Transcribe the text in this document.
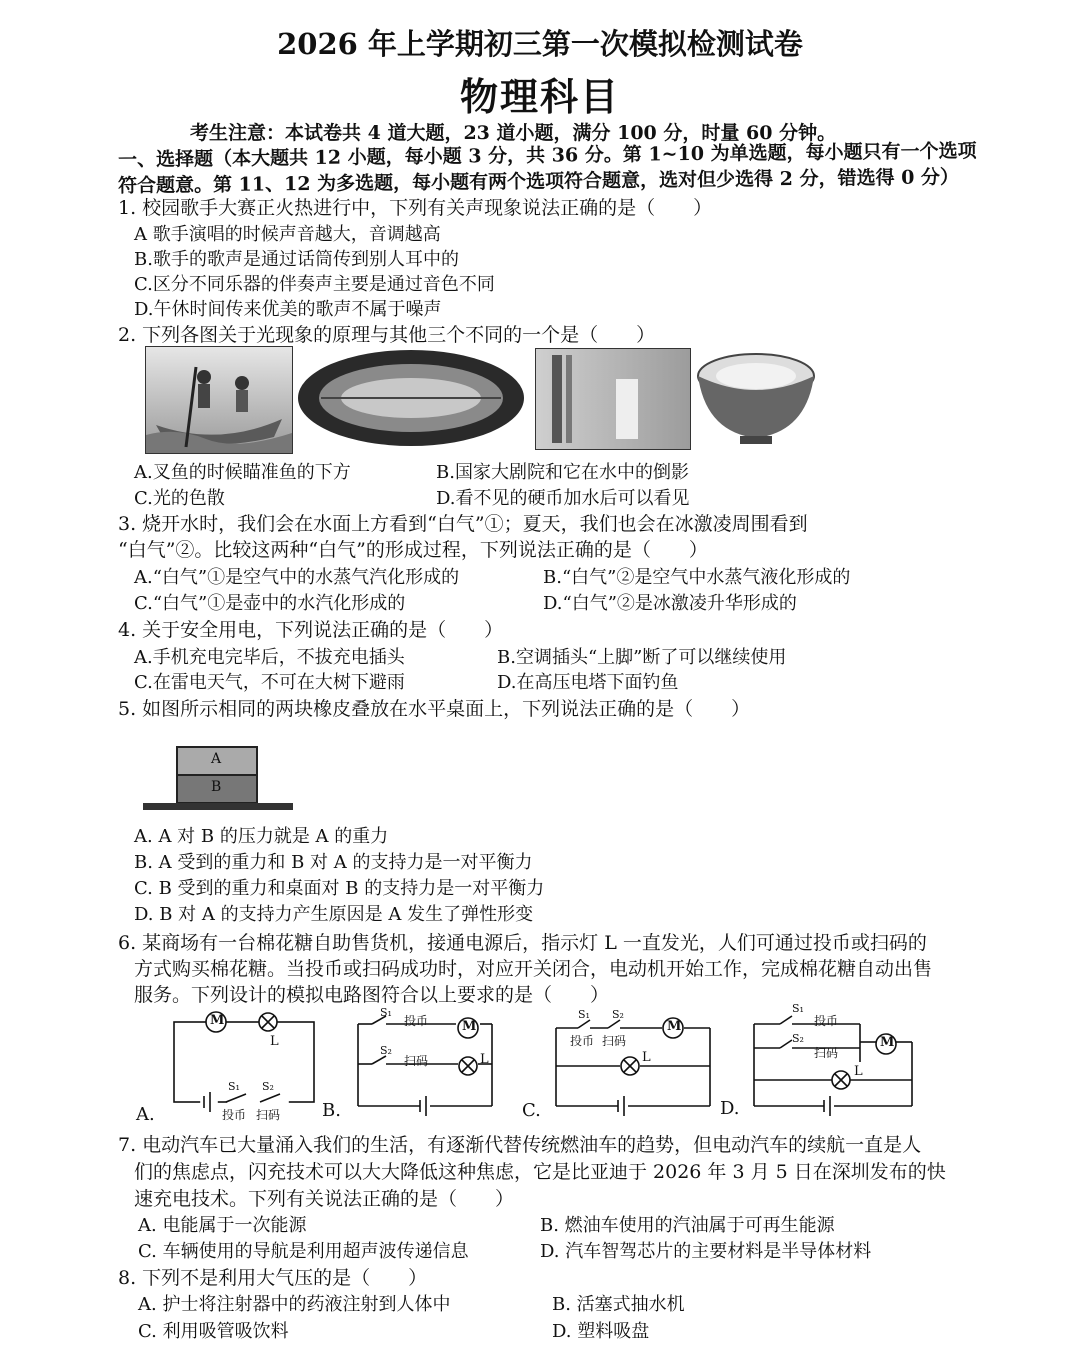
2026 年上学期初三第一次模拟检测试卷
物理科目
考生注意：本试卷共 4 道大题，23 道小题，满分 100 分，时量 60 分钟。
一、选择题（本大题共 12 小题，每小题 3 分，共 36 分。第 1~10 为单选题，每小题只有一个选项
符合题意。第 11、12 为多选题，每小题有两个选项符合题意，选对但少选得 2 分，错选得 0 分）
1. 校园歌手大赛正火热进行中，下列有关声现象说法正确的是（　　）
A 歌手演唱的时候声音越大，音调越高
B.歌手的歌声是通过话筒传到别人耳中的
C.区分不同乐器的伴奏声主要是通过音色不同
D.午休时间传来优美的歌声不属于噪声
2. 下列各图关于光现象的原理与其他三个不同的一个是（　　）
A.叉鱼的时候瞄准鱼的下方	B.国家大剧院和它在水中的倒影
C.光的色散	D.看不见的硬币加水后可以看见
3. 烧开水时，我们会在水面上方看到“白气”①；夏天，我们也会在冰激凌周围看到
“白气”②。比较这两种“白气”的形成过程，下列说法正确的是（　　）
A.“白气”①是空气中的水蒸气汽化形成的	B.“白气”②是空气中水蒸气液化形成的
C.“白气”①是壶中的水汽化形成的	D.“白气”②是冰激凌升华形成的
4. 关于安全用电，下列说法正确的是（　　）
A.手机充电完毕后，不拔充电插头	B.空调插头“上脚”断了可以继续使用
C.在雷电天气，不可在大树下避雨	D.在高压电塔下面钓鱼
5. 如图所示相同的两块橡皮叠放在水平桌面上，下列说法正确的是（　　）
A
B
A. A 对 B 的压力就是 A 的重力
B. A 受到的重力和 B 对 A 的支持力是一对平衡力
C. B 受到的重力和桌面对 B 的支持力是一对平衡力
D. B 对 A 的支持力产生原因是 A 发生了弹性形变
6. 某商场有一台棉花糖自助售货机，接通电源后，指示灯 L 一直发光，人们可通过投币或扫码的
方式购买棉花糖。当投币或扫码成功时，对应开关闭合，电动机开始工作，完成棉花糖自动出售
服务。下列设计的模拟电路图符合以上要求的是（　　）
M
L
S₁ S₂
投币 扫码
A.
S₁
投币	M
S₂
扫码	L
B.
S₁ S₂
投币 扫码
M
L
C.
S₁
投币
S₂
扫码
M
L
D.
7. 电动汽车已大量涌入我们的生活，有逐渐代替传统燃油车的趋势，但电动汽车的续航一直是人
们的焦虑点，闪充技术可以大大降低这种焦虑，它是比亚迪于 2026 年 3 月 5 日在深圳发布的快
速充电技术。下列有关说法正确的是（　　）
A. 电能属于一次能源	B. 燃油车使用的汽油属于可再生能源
C. 车辆使用的导航是利用超声波传递信息	D. 汽车智驾芯片的主要材料是半导体材料
8. 下列不是利用大气压的是（　　）
A. 护士将注射器中的药液注射到人体中	B. 活塞式抽水机
C. 利用吸管吸饮料	D. 塑料吸盘
